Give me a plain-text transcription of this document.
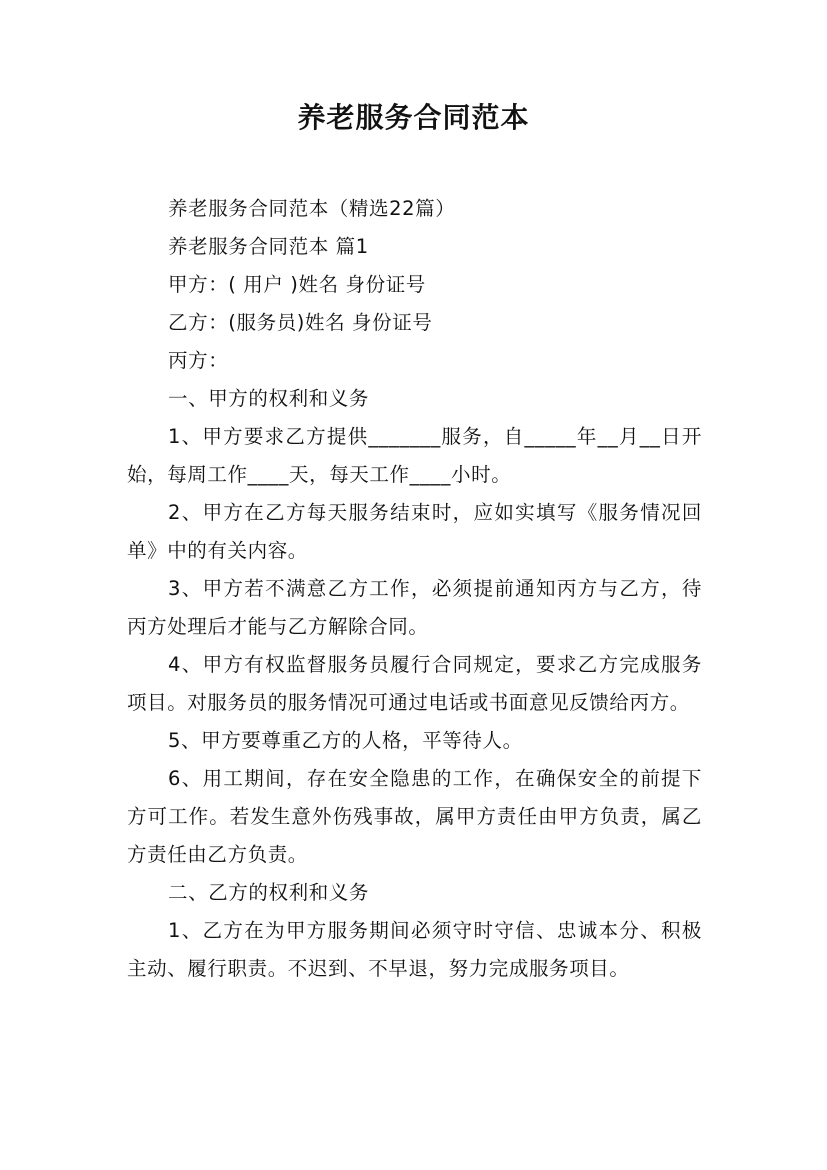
养老服务合同范本

养老服务合同范本（精选22篇）

养老服务合同范本 篇1

甲方：( 用户 )姓名 身份证号

乙方：(服务员)姓名 身份证号

丙方：

一、甲方的权利和义务

1、甲方要求乙方提供_______服务，自_____年__月__日开始，每周工作____天，每天工作____小时。

2、甲方在乙方每天服务结束时，应如实填写《服务情况回单》中的有关内容。

3、甲方若不满意乙方工作，必须提前通知丙方与乙方，待丙方处理后才能与乙方解除合同。

4、甲方有权监督服务员履行合同规定，要求乙方完成服务项目。对服务员的服务情况可通过电话或书面意见反馈给丙方。

5、甲方要尊重乙方的人格，平等待人。

6、用工期间，存在安全隐患的工作，在确保安全的前提下方可工作。若发生意外伤残事故，属甲方责任由甲方负责，属乙方责任由乙方负责。

二、乙方的权利和义务

1、乙方在为甲方服务期间必须守时守信、忠诚本分、积极主动、履行职责。不迟到、不早退，努力完成服务项目。
